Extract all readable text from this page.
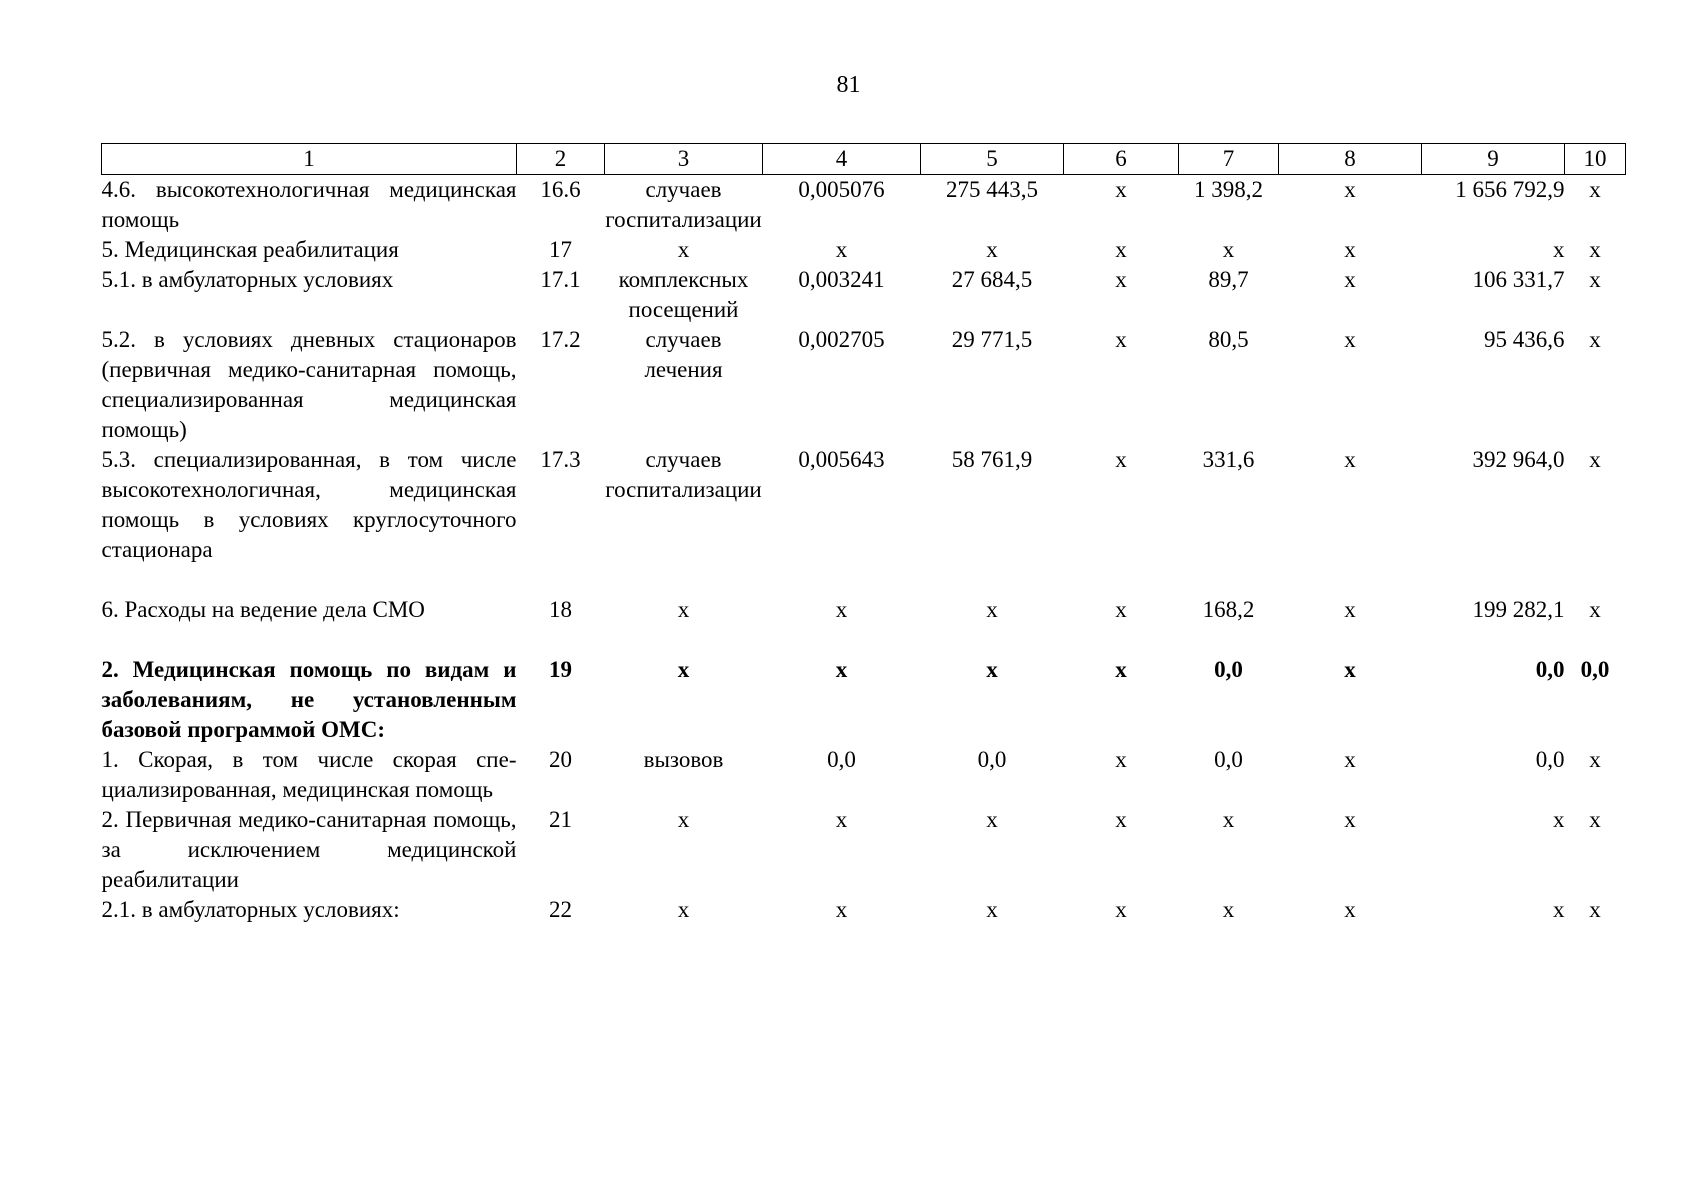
81
1	2	3	4	5	6	7	8	9	10
4.6. высокотехнологичная медицинская помощь	16.6	случаев госпитализации	0,005076	275 443,5	х	1 398,2	х	1 656 792,9	х
5. Медицинская реабилитация	17	х	х	х	х	х	х	х	х
5.1. в амбулаторных условиях	17.1	комплексных посещений	0,003241	27 684,5	х	89,7	х	106 331,7	х
5.2. в условиях дневных стационаров (первичная медико-санитарная помощь, специализированная медицинская помощь)	17.2	случаев лечения	0,002705	29 771,5	х	80,5	х	95 436,6	х
5.3. специализированная, в том числе высокотехнологичная, медицинская помощь в условиях круглосуточного стационара	17.3	случаев госпитализации	0,005643	58 761,9	х	331,6	х	392 964,0	х

6. Расходы на ведение дела СМО	18	х	х	х	х	168,2	х	199 282,1	х

2. Медицинская помощь по видам и заболеваниям, не установленным базовой программой ОМС:	19	х	х	х	х	0,0	х	0,0	0,0
1. Скорая, в том числе скорая специализированная, медицинская помощь	20	вызовов	0,0	0,0	х	0,0	х	0,0	х
2. Первичная медико-санитарная помощь, за исключением медицинской реабилитации	21	х	х	х	х	х	х	х	х
2.1. в амбулаторных условиях:	22	х	х	х	х	х	х	х	х
